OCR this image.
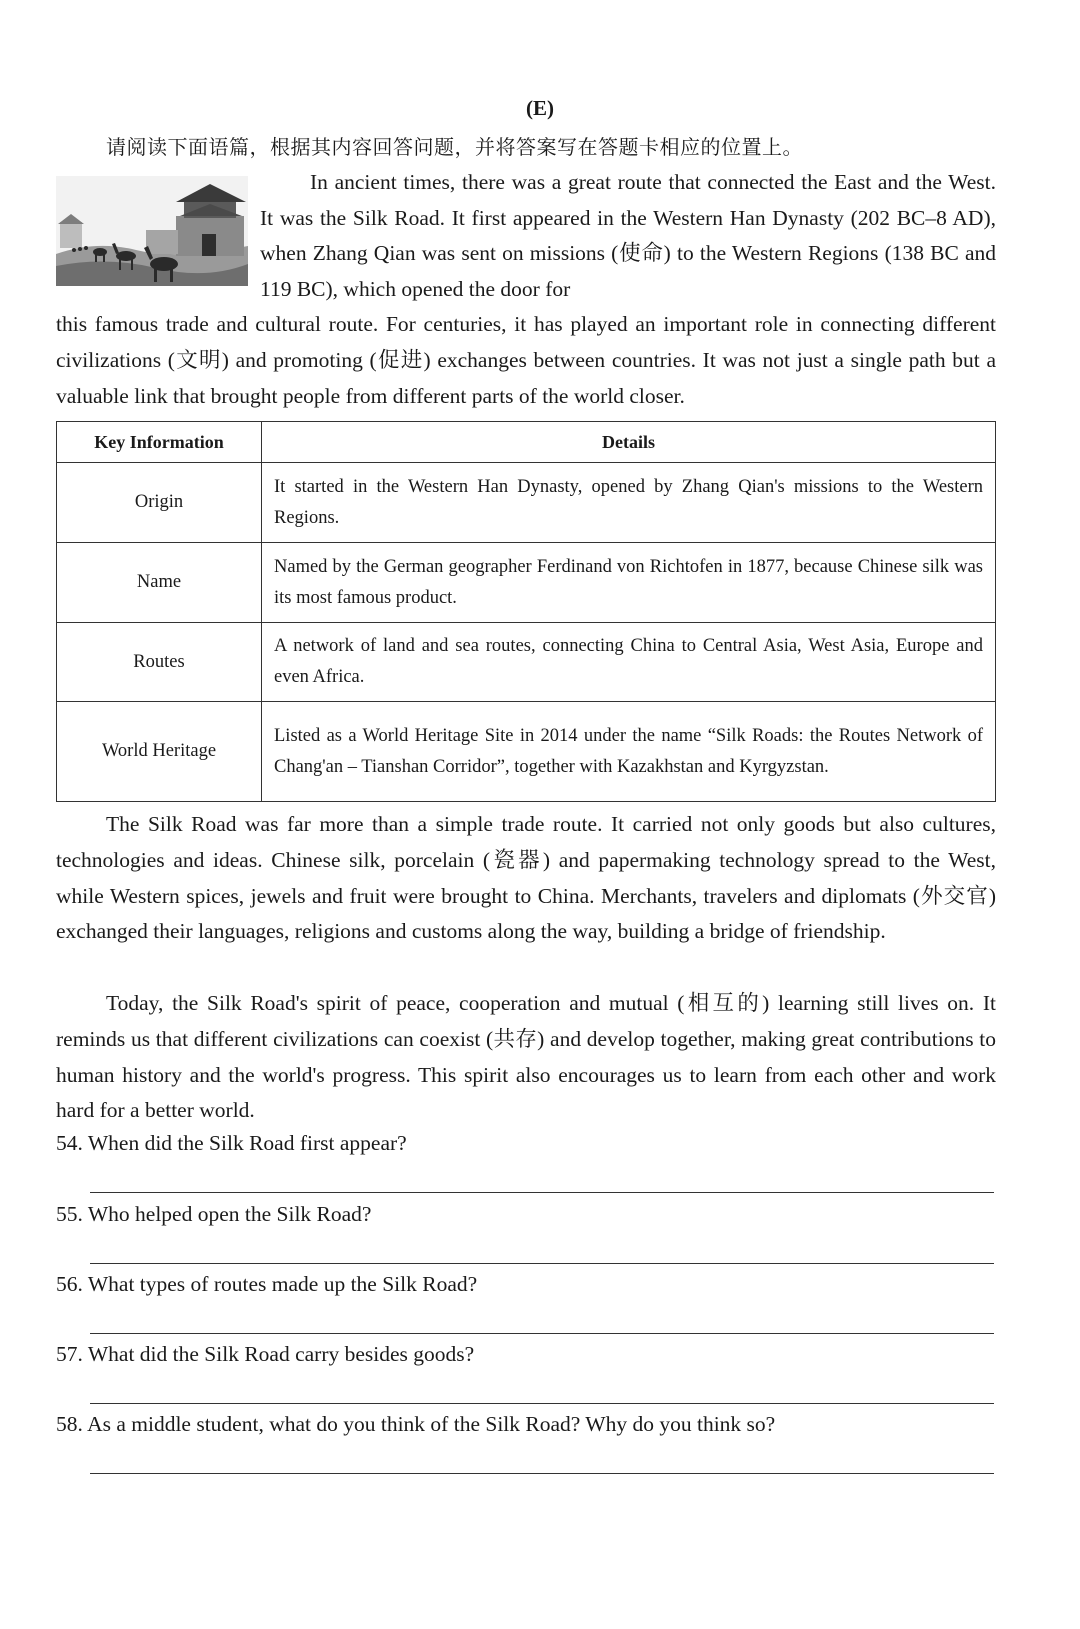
(E)
请阅读下面语篇，根据其内容回答问题，并将答案写在答题卡相应的位置上。
In ancient times, there was a great route that connected the East and the West. It was the Silk Road. It first appeared in the Western Han Dynasty (202 BC–8 AD), when Zhang Qian was sent on missions (使命) to the Western Regions (138 BC and 119 BC), which opened the door for
this famous trade and cultural route. For centuries, it has played an important role in connecting different civilizations (文明) and promoting (促进) exchanges between countries. It was not just a single path but a valuable link that brought people from different parts of the world closer.
Key Information	Details
Origin	It started in the Western Han Dynasty, opened by Zhang Qian's missions to the Western Regions.
Name	Named by the German geographer Ferdinand von Richtofen in 1877, because Chinese silk was its most famous product.
Routes	A network of land and sea routes, connecting China to Central Asia, West Asia, Europe and even Africa.
World Heritage	Listed as a World Heritage Site in 2014 under the name “Silk Roads: the Routes Network of Chang'an – Tianshan Corridor”, together with Kazakhstan and Kyrgyzstan.
The Silk Road was far more than a simple trade route. It carried not only goods but also cultures, technologies and ideas. Chinese silk, porcelain (瓷器) and papermaking technology spread to the West, while Western spices, jewels and fruit were brought to China. Merchants, travelers and diplomats (外交官) exchanged their languages, religions and customs along the way, building a bridge of friendship.
Today, the Silk Road's spirit of peace, cooperation and mutual (相互的) learning still lives on. It reminds us that different civilizations can coexist (共存) and develop together, making great contributions to human history and the world's progress. This spirit also encourages us to learn from each other and work hard for a better world.
54. When did the Silk Road first appear?
55. Who helped open the Silk Road?
56. What types of routes made up the Silk Road?
57. What did the Silk Road carry besides goods?
58. As a middle student, what do you think of the Silk Road? Why do you think so?
